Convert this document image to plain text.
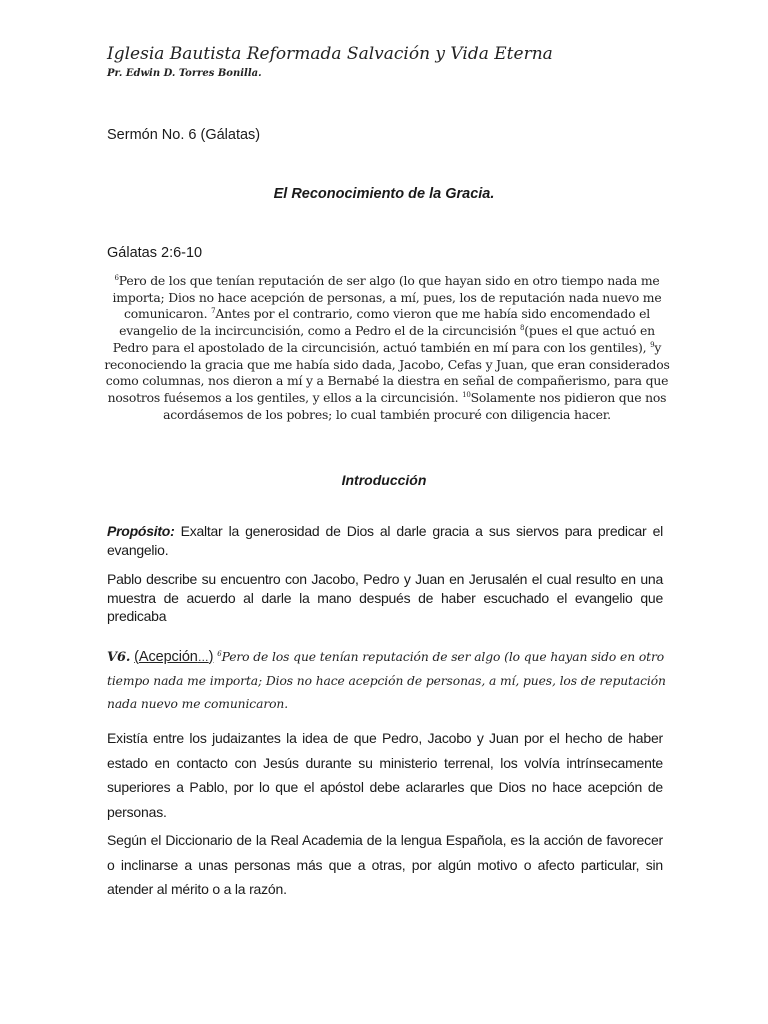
Iglesia Bautista Reformada Salvación y Vida Eterna
Pr. Edwin D. Torres Bonilla.
Sermón No. 6 (Gálatas)
El Reconocimiento de la Gracia.
Gálatas 2:6-10
$^6$Pero de los que tenían reputación de ser algo (lo que hayan sido en otro tiempo nada me importa; Dios no hace acepción de personas, a mí, pues, los de reputación nada nuevo me comunicaron. $^7$Antes por el contrario, como vieron que me había sido encomendado el evangelio de la incircuncisión, como a Pedro el de la circuncisión $^8$(pues el que actuó en Pedro para el apostolado de la circuncisión, actuó también en mí para con los gentiles), $^9$y reconociendo la gracia que me había sido dada, Jacobo, Cefas y Juan, que eran considerados como columnas, nos dieron a mí y a Bernabé la diestra en señal de compañerismo, para que nosotros fuésemos a los gentiles, y ellos a la circuncisión. $^{10}$Solamente nos pidieron que nos acordásemos de los pobres; lo cual también procuré con diligencia hacer.
Introducción
Propósito: Exaltar la generosidad de Dios al darle gracia a sus siervos para predicar el evangelio.
Pablo describe su encuentro con Jacobo, Pedro y Juan en Jerusalén el cual resulto en una muestra de acuerdo al darle la mano después de haber escuchado el evangelio que predicaba
V6. (Acepción…) $^6$Pero de los que tenían reputación de ser algo (lo que hayan sido en otro tiempo nada me importa; Dios no hace acepción de personas, a mí, pues, los de reputación nada nuevo me comunicaron.
Existía entre los judaizantes la idea de que Pedro, Jacobo y Juan por el hecho de haber estado en contacto con Jesús durante su ministerio terrenal, los volvía intrínsecamente superiores a Pablo, por lo que el apóstol debe aclararles que Dios no hace acepción de personas.
Según el Diccionario de la Real Academia de la lengua Española, es la acción de favorecer o inclinarse a unas personas más que a otras, por algún motivo o afecto particular, sin atender al mérito o a la razón.
